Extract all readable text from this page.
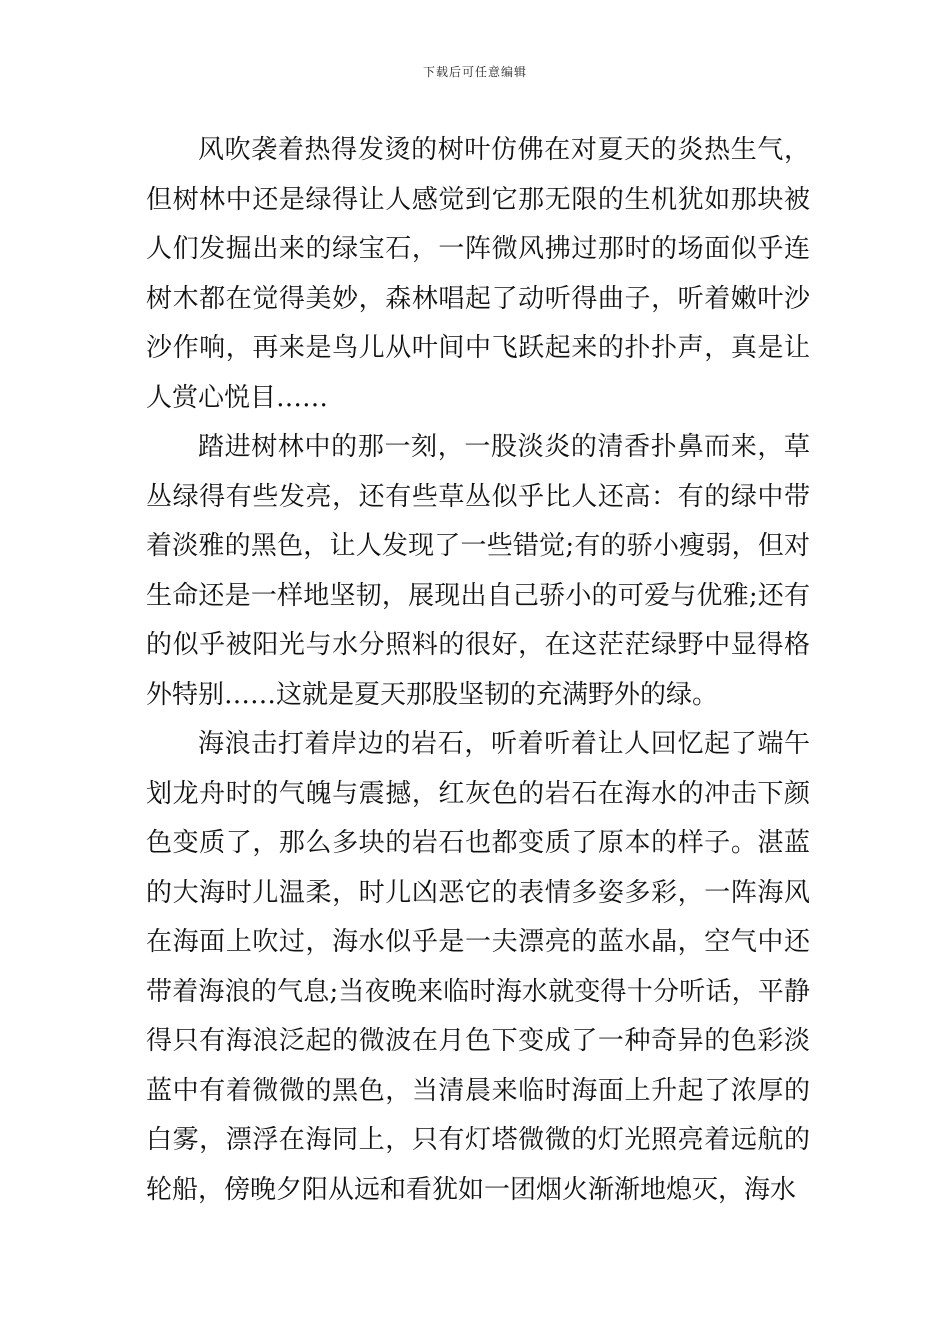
下载后可任意编辑

风吹袭着热得发烫的树叶仿佛在对夏天的炎热生气，但树林中还是绿得让人感觉到它那无限的生机犹如那块被人们发掘出来的绿宝石，一阵微风拂过那时的场面似乎连树木都在觉得美妙，森林唱起了动听得曲子，听着嫩叶沙沙作响，再来是鸟儿从叶间中飞跃起来的扑扑声，真是让人赏心悦目……

踏进树林中的那一刻，一股淡炎的清香扑鼻而来，草丛绿得有些发亮，还有些草丛似乎比人还高：有的绿中带着淡雅的黑色，让人发现了一些错觉;有的骄小瘦弱，但对生命还是一样地坚韧，展现出自己骄小的可爱与优雅;还有的似乎被阳光与水分照料的很好，在这茫茫绿野中显得格外特别……这就是夏天那股坚韧的充满野外的绿。

海浪击打着岸边的岩石，听着听着让人回忆起了端午划龙舟时的气魄与震撼，红灰色的岩石在海水的冲击下颜色变质了，那么多块的岩石也都变质了原本的样子。湛蓝的大海时儿温柔，时儿凶恶它的表情多姿多彩，一阵海风在海面上吹过，海水似乎是一夫漂亮的蓝水晶，空气中还带着海浪的气息;当夜晚来临时海水就变得十分听话，平静得只有海浪泛起的微波在月色下变成了一种奇异的色彩淡蓝中有着微微的黑色，当清晨来临时海面上升起了浓厚的白雾，漂浮在海同上，只有灯塔微微的灯光照亮着远航的轮船，傍晚夕阳从远和看犹如一团烟火渐渐地熄灭，海水
